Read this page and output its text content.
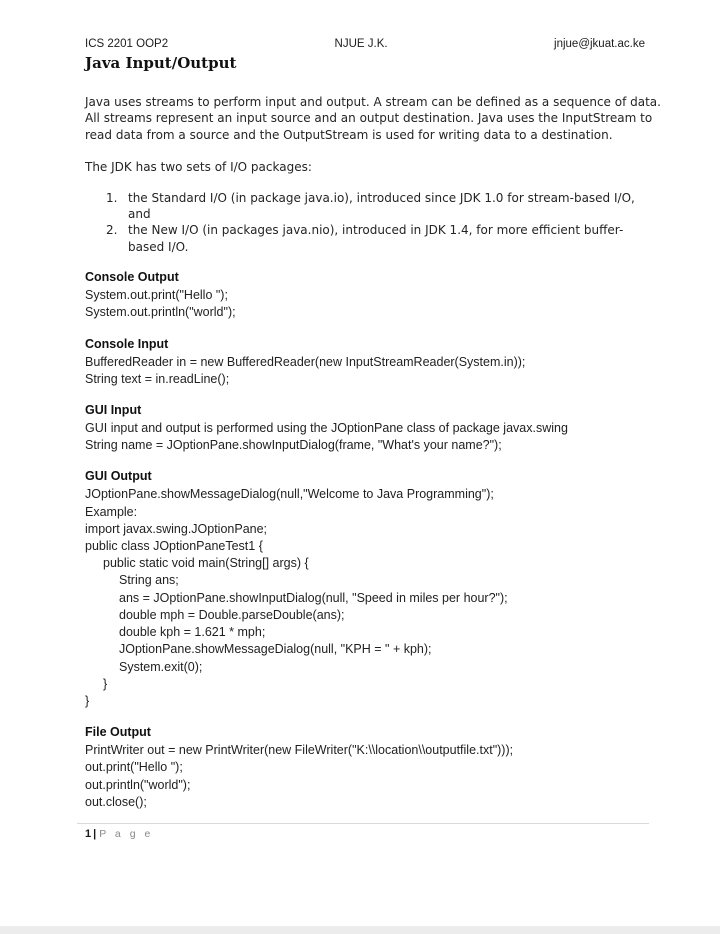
ICS 2201 OOP2	NJUE J.K.	jnjue@jkuat.ac.ke
Java Input/Output

Java uses streams to perform input and output. A stream can be defined as a sequence of data. All streams represent an input source and an output destination. Java uses the InputStream to read data from a source and the OutputStream is used for writing data to a destination.

The JDK has two sets of I/O packages:

1. the Standard I/O (in package java.io), introduced since JDK 1.0 for stream-based I/O, and
2. the New I/O (in packages java.nio), introduced in JDK 1.4, for more efficient buffer-based I/O.
Console Output
System.out.print("Hello ");
System.out.println("world");
Console Input
BufferedReader in = new BufferedReader(new InputStreamReader(System.in));
String text = in.readLine();
GUI Input
GUI input and output is performed using the JOptionPane class of package javax.swing
String name = JOptionPane.showInputDialog(frame, "What's your name?");
GUI Output
JOptionPane.showMessageDialog(null,"Welcome to Java Programming");
Example:
import javax.swing.JOptionPane;
public class JOptionPaneTest1 {
public static void main(String[] args) {
String ans;
ans = JOptionPane.showInputDialog(null, "Speed in miles per hour?");
double mph = Double.parseDouble(ans);
double kph = 1.621 * mph;
JOptionPane.showMessageDialog(null, "KPH = " + kph);
System.exit(0);
}
}
File Output
PrintWriter out = new PrintWriter(new FileWriter("K:\\location\\outputfile.txt")));
out.print("Hello ");
out.println("world");
out.close();
1 | P a g e
